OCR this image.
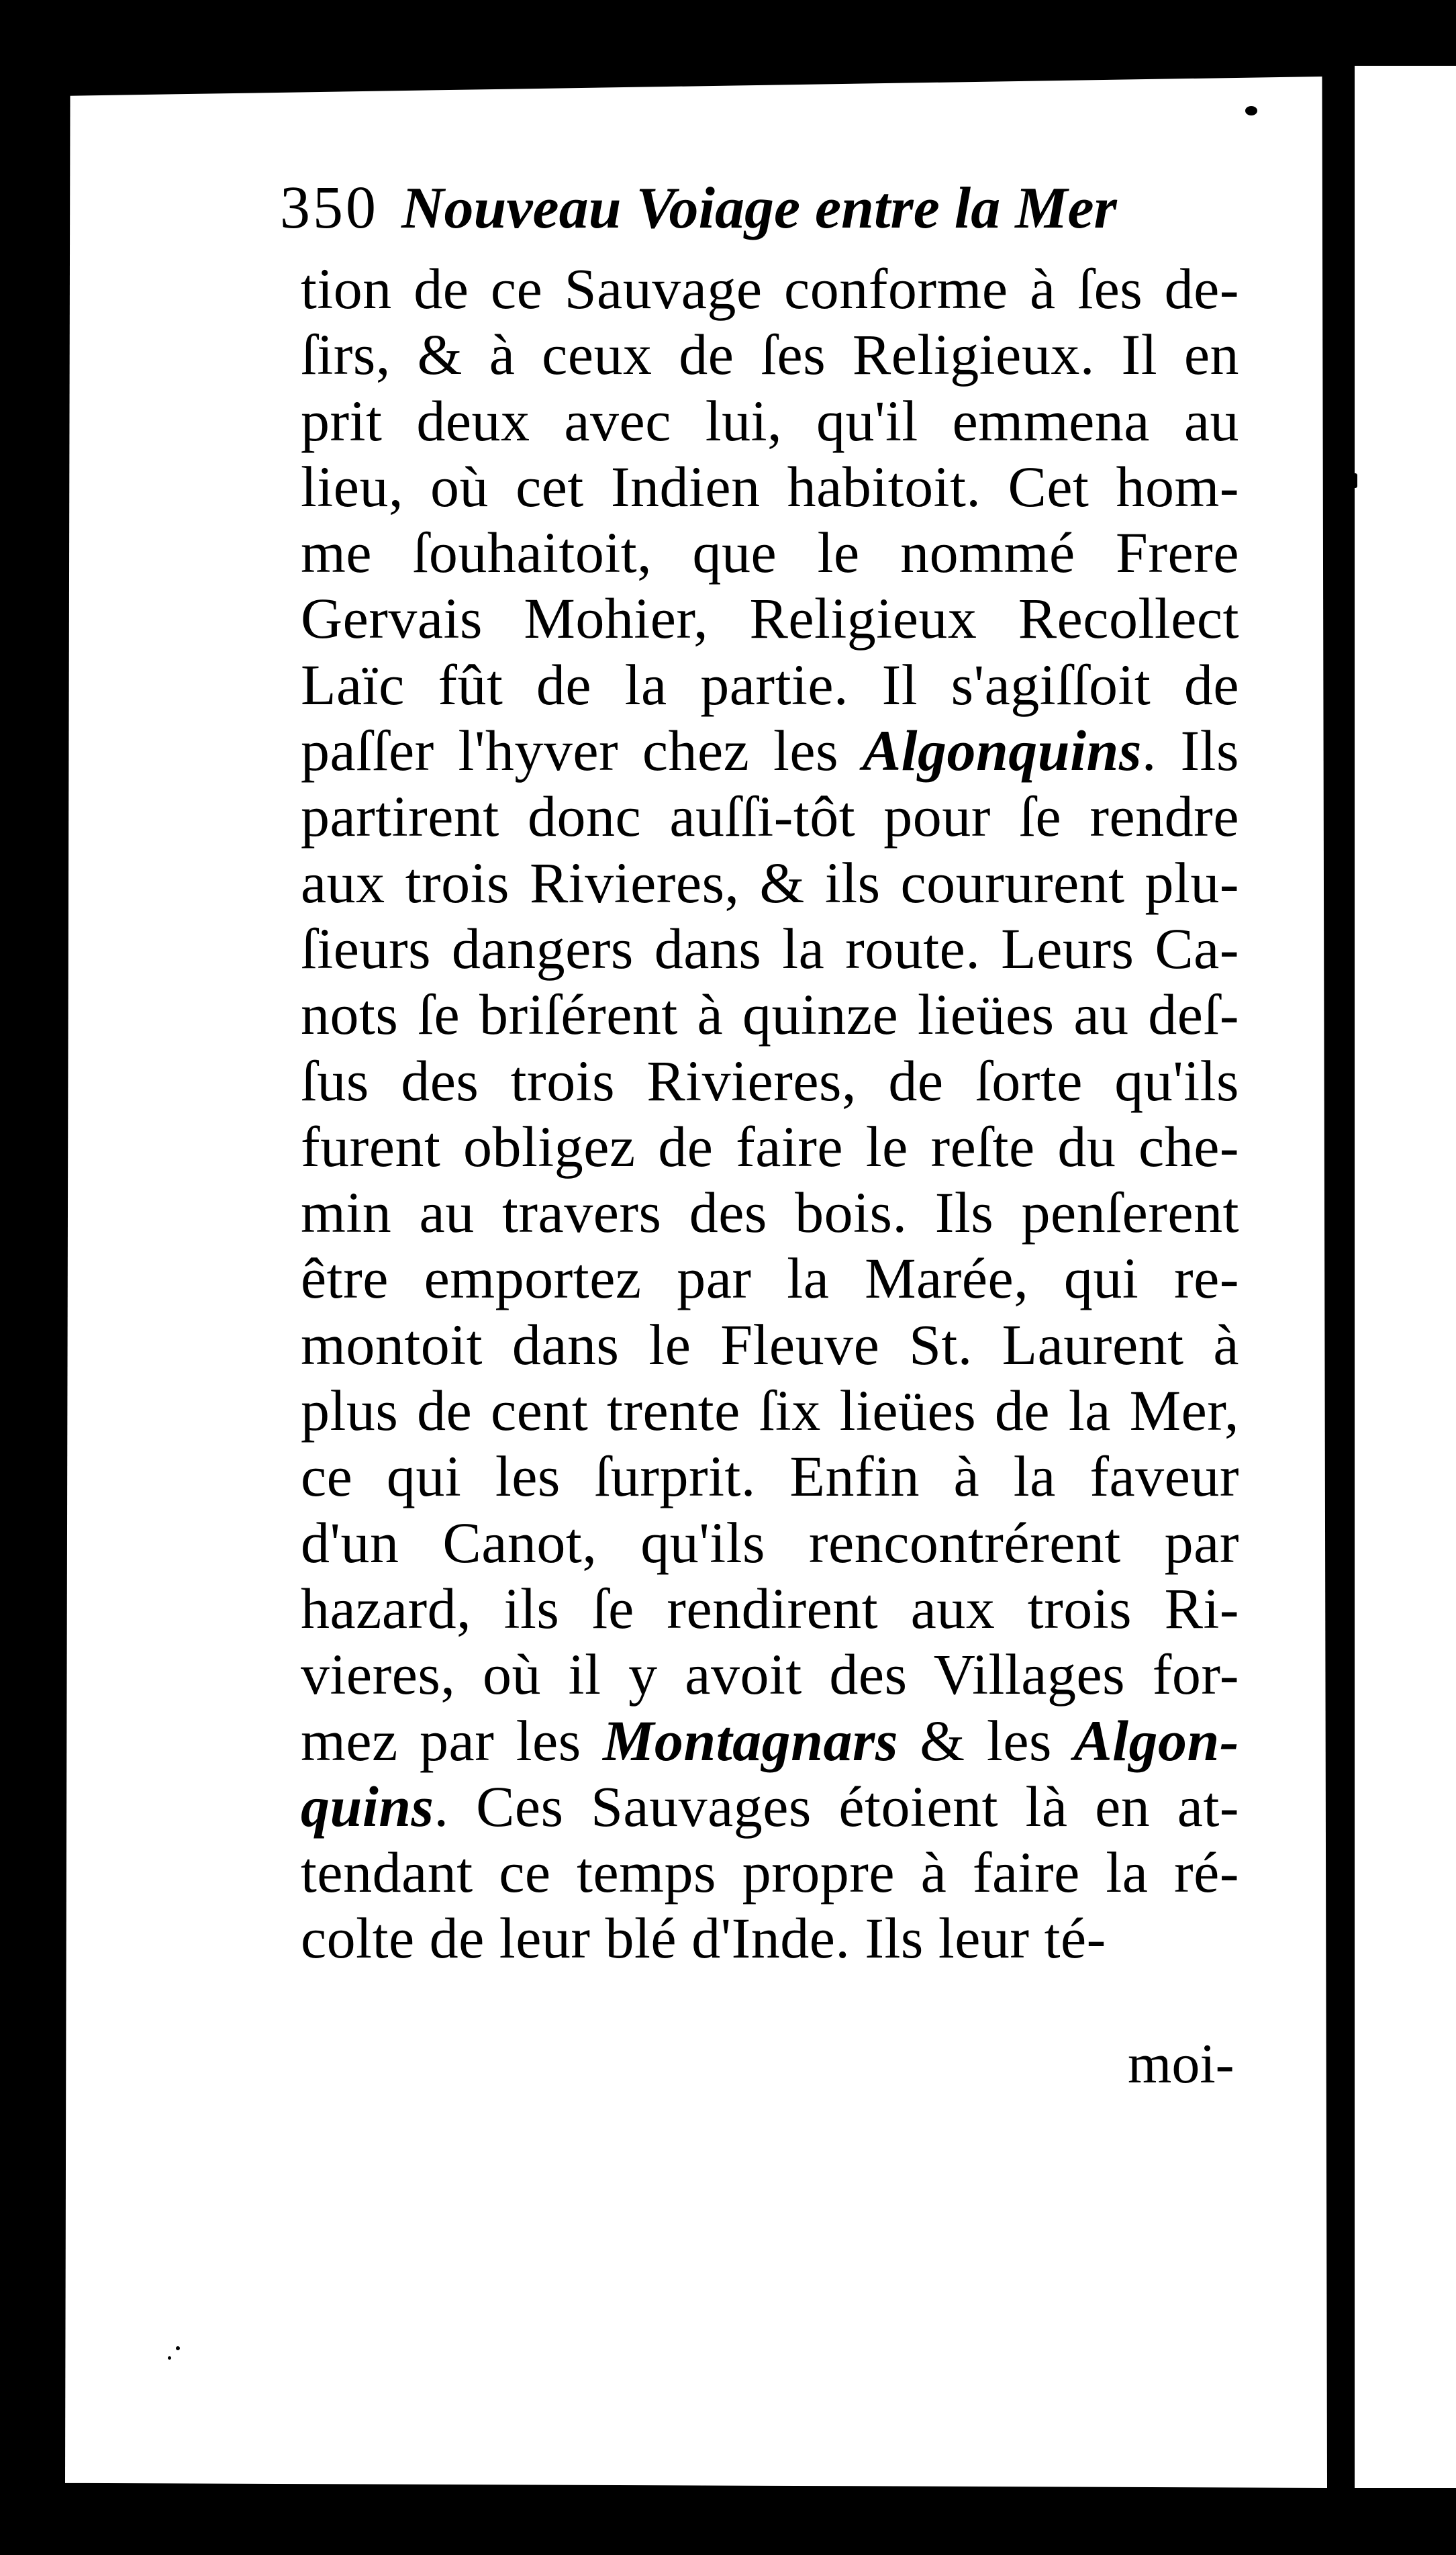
350 Nouveau Voiage entre la Mer
tion de ce Sauvage conforme à ſes de-
ſirs, & à ceux de ſes Religieux. Il en
prit deux avec lui, qu'il emmena au
lieu, où cet Indien habitoit. Cet hom-
me ſouhaitoit, que le nommé Frere
Gervais Mohier, Religieux Recollect
Laïc fût de la partie. Il s'agiſſoit de
paſſer l'hyver chez les Algonquins. Ils
partirent donc auſſi-tôt pour ſe rendre
aux trois Rivieres, & ils coururent plu-
ſieurs dangers dans la route. Leurs Ca-
nots ſe briſérent à quinze lieües au deſ-
ſus des trois Rivieres, de ſorte qu'ils
furent obligez de faire le reſte du che-
min au travers des bois. Ils penſerent
être emportez par la Marée, qui re-
montoit dans le Fleuve St. Laurent à
plus de cent trente ſix lieües de la Mer,
ce qui les ſurprit. Enfin à la faveur
d'un Canot, qu'ils rencontrérent par
hazard, ils ſe rendirent aux trois Ri-
vieres, où il y avoit des Villages for-
mez par les Montagnars & les Algon-
quins. Ces Sauvages étoient là en at-
tendant ce temps propre à faire la ré-
colte de leur blé d'Inde. Ils leur té-
moi-
